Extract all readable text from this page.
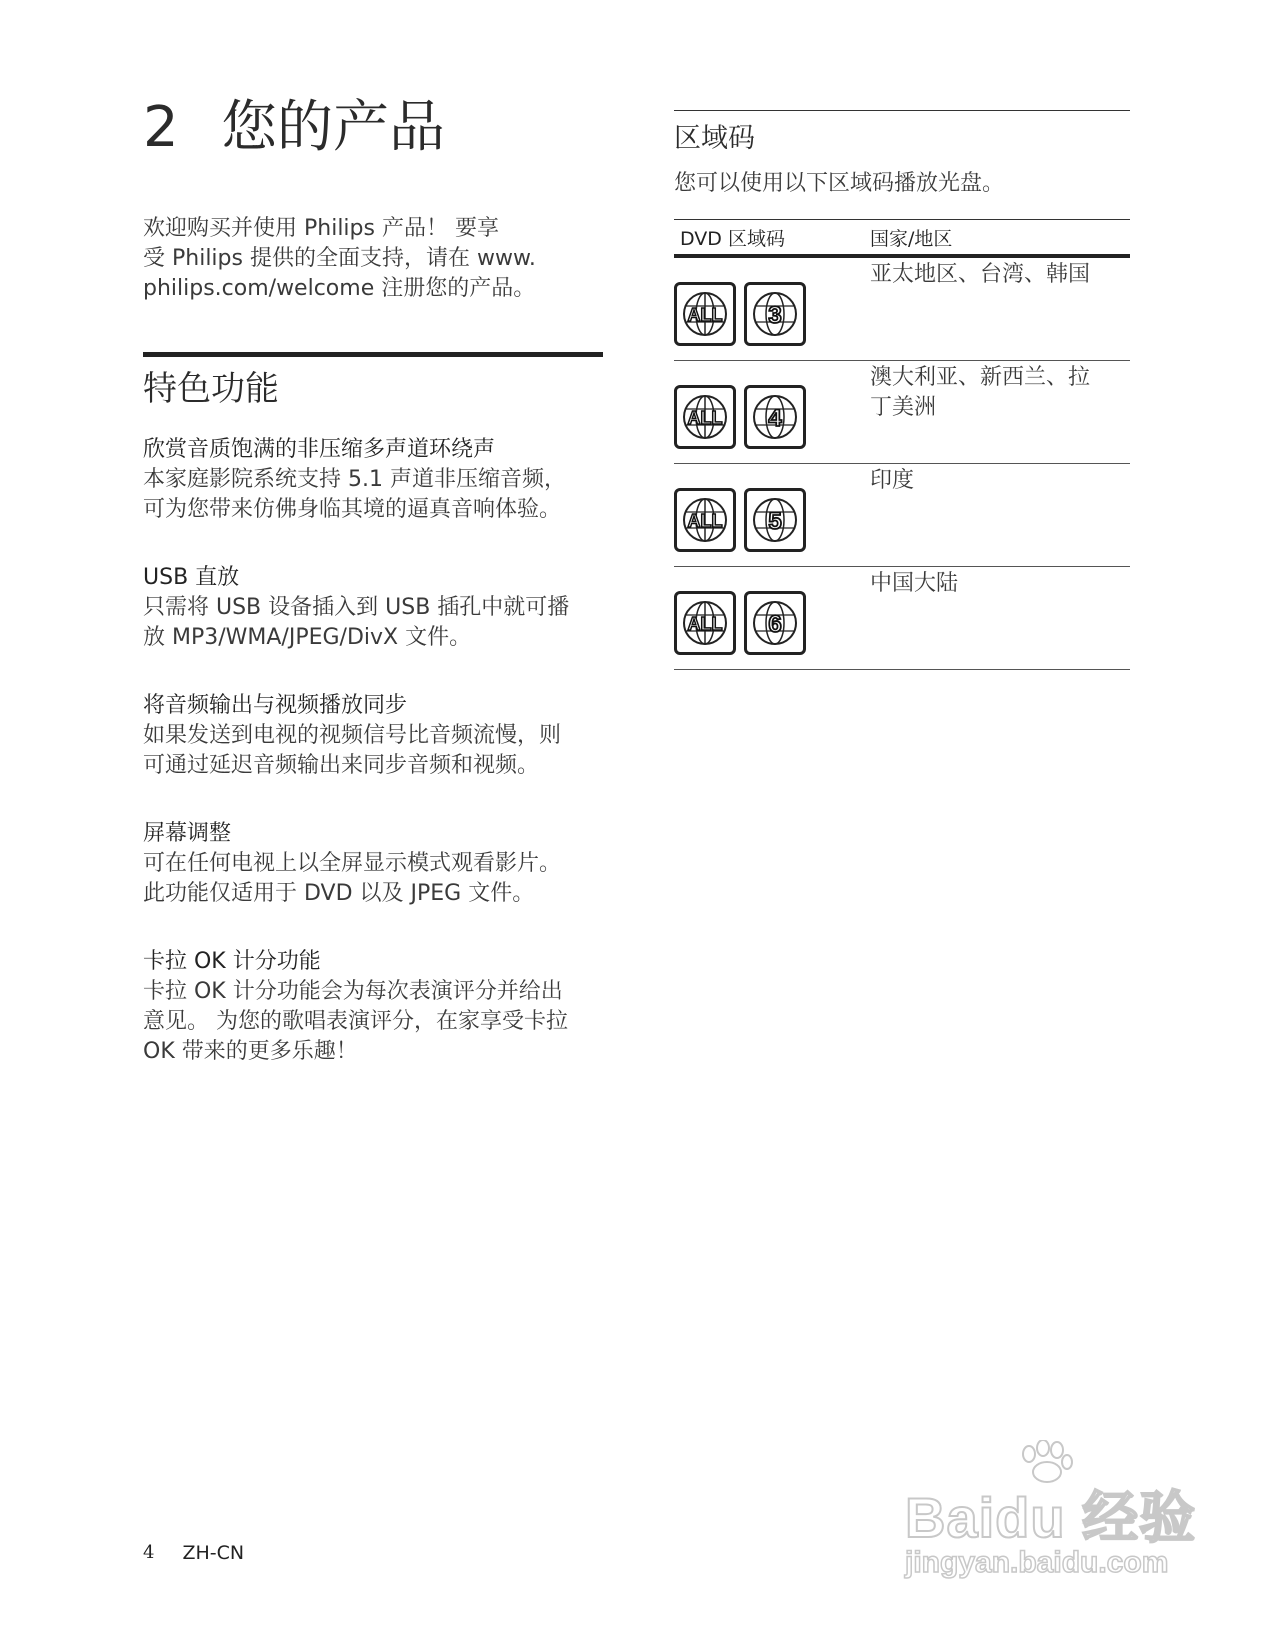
2 您的产品
欢迎购买并使用 Philips 产品！ 要享
受 Philips 提供的全面支持，请在 www.
philips.com/welcome 注册您的产品。
特色功能
欣赏音质饱满的非压缩多声道环绕声
本家庭影院系统支持 5.1 声道非压缩音频，
可为您带来仿佛身临其境的逼真音响体验。
USB 直放
只需将 USB 设备插入到 USB 插孔中就可播
放 MP3/WMA/JPEG/DivX 文件。
将音频输出与视频播放同步
如果发送到电视的视频信号比音频流慢，则
可通过延迟音频输出来同步音频和视频。
屏幕调整
可在任何电视上以全屏显示模式观看影片。
此功能仅适用于 DVD 以及 JPEG 文件。
卡拉 OK 计分功能
卡拉 OK 计分功能会为每次表演评分并给出
意见。 为您的歌唱表演评分，在家享受卡拉
OK 带来的更多乐趣！
区域码
您可以使用以下区域码播放光盘。
DVD 区域码	国家/地区
ALL 3
亚太地区、台湾、韩国
ALL 4
澳大利亚、新西兰、拉
丁美洲
ALL 5
印度
ALL 6
中国大陆
4 ZH-CN
Baidu 经验
jingyan.baidu.com
